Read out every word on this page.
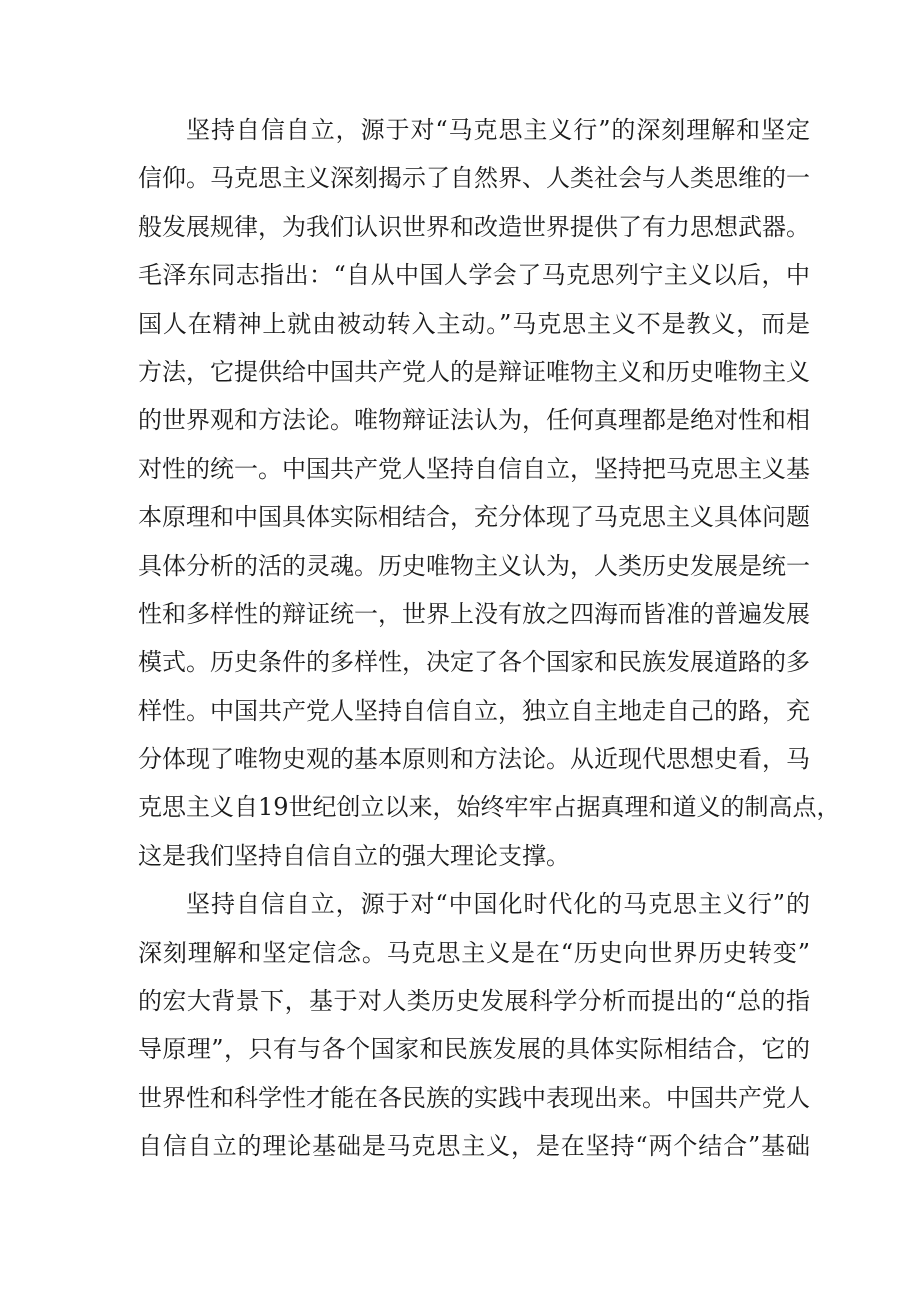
坚持自信自立，源于对“马克思主义行”的深刻理解和坚定
信仰。马克思主义深刻揭示了自然界、人类社会与人类思维的一
般发展规律，为我们认识世界和改造世界提供了有力思想武器。
毛泽东同志指出：“自从中国人学会了马克思列宁主义以后，中
国人在精神上就由被动转入主动。”马克思主义不是教义，而是
方法，它提供给中国共产党人的是辩证唯物主义和历史唯物主义
的世界观和方法论。唯物辩证法认为，任何真理都是绝对性和相
对性的统一。中国共产党人坚持自信自立，坚持把马克思主义基
本原理和中国具体实际相结合，充分体现了马克思主义具体问题
具体分析的活的灵魂。历史唯物主义认为，人类历史发展是统一
性和多样性的辩证统一，世界上没有放之四海而皆准的普遍发展
模式。历史条件的多样性，决定了各个国家和民族发展道路的多
样性。中国共产党人坚持自信自立，独立自主地走自己的路，充
分体现了唯物史观的基本原则和方法论。从近现代思想史看，马
克思主义自19世纪创立以来，始终牢牢占据真理和道义的制高点，
这是我们坚持自信自立的强大理论支撑。
坚持自信自立，源于对“中国化时代化的马克思主义行”的
深刻理解和坚定信念。马克思主义是在“历史向世界历史转变”
的宏大背景下，基于对人类历史发展科学分析而提出的“总的指
导原理”，只有与各个国家和民族发展的具体实际相结合，它的
世界性和科学性才能在各民族的实践中表现出来。中国共产党人
自信自立的理论基础是马克思主义，是在坚持“两个结合”基础
